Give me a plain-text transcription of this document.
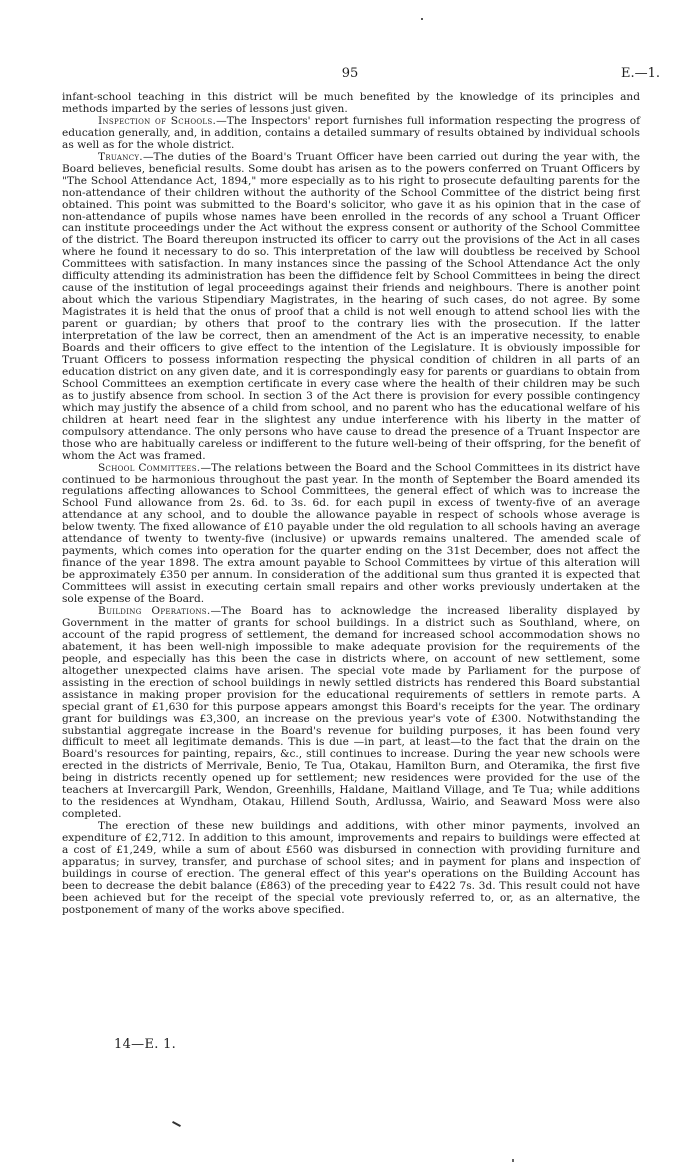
95	E.—1.

infant-school teaching in this district will be much benefited by the knowledge of its principles and methods imparted by the series of lessons just given.

Inspection of Schools.—The Inspectors' report furnishes full information respecting the progress of education generally, and, in addition, contains a detailed summary of results obtained by individual schools as well as for the whole district.

Truancy.—The duties of the Board's Truant Officer have been carried out during the year with, the Board believes, beneficial results. Some doubt has arisen as to the powers conferred on Truant Officers by "The School Attendance Act, 1894," more especially as to his right to prosecute defaulting parents for the non-attendance of their children without the authority of the School Committee of the district being first obtained. This point was submitted to the Board's solicitor, who gave it as his opinion that in the case of non-attendance of pupils whose names have been enrolled in the records of any school a Truant Officer can institute proceedings under the Act without the express consent or authority of the School Committee of the district. The Board thereupon instructed its officer to carry out the provisions of the Act in all cases where he found it necessary to do so. This interpretation of the law will doubtless be received by School Committees with satisfaction. In many instances since the passing of the School Attendance Act the only difficulty attending its administration has been the diffidence felt by School Committees in being the direct cause of the institution of legal proceedings against their friends and neighbours. There is another point about which the various Stipendiary Magistrates, in the hearing of such cases, do not agree. By some Magistrates it is held that the onus of proof that a child is not well enough to attend school lies with the parent or guardian; by others that proof to the contrary lies with the prosecution. If the latter interpretation of the law be correct, then an amendment of the Act is an imperative necessity, to enable Boards and their officers to give effect to the intention of the Legislature. It is obviously impossible for Truant Officers to possess information respecting the physical condition of children in all parts of an education district on any given date, and it is correspondingly easy for parents or guardians to obtain from School Committees an exemption certificate in every case where the health of their children may be such as to justify absence from school. In section 3 of the Act there is provision for every possible contingency which may justify the absence of a child from school, and no parent who has the educational welfare of his children at heart need fear in the slightest any undue interference with his liberty in the matter of compulsory attendance. The only persons who have cause to dread the presence of a Truant Inspector are those who are habitually careless or indifferent to the future well-being of their offspring, for the benefit of whom the Act was framed.

School Committees.—The relations between the Board and the School Committees in its district have continued to be harmonious throughout the past year. In the month of September the Board amended its regulations affecting allowances to School Committees, the general effect of which was to increase the School Fund allowance from 2s. 6d. to 3s. 6d. for each pupil in excess of twenty-five of an average attendance at any school, and to double the allowance payable in respect of schools whose average is below twenty. The fixed allowance of £10 payable under the old regulation to all schools having an average attendance of twenty to twenty-five (inclusive) or upwards remains unaltered. The amended scale of payments, which comes into operation for the quarter ending on the 31st December, does not affect the finance of the year 1898. The extra amount payable to School Committees by virtue of this alteration will be approximately £350 per annum. In consideration of the additional sum thus granted it is expected that Committees will assist in executing certain small repairs and other works previously undertaken at the sole expense of the Board.

Building Operations.—The Board has to acknowledge the increased liberality displayed by Government in the matter of grants for school buildings. In a district such as Southland, where, on account of the rapid progress of settlement, the demand for increased school accommodation shows no abatement, it has been well-nigh impossible to make adequate provision for the requirements of the people, and especially has this been the case in districts where, on account of new settlement, some altogether unexpected claims have arisen. The special vote made by Parliament for the purpose of assisting in the erection of school buildings in newly settled districts has rendered this Board substantial assistance in making proper provision for the educational requirements of settlers in remote parts. A special grant of £1,630 for this purpose appears amongst this Board's receipts for the year. The ordinary grant for buildings was £3,300, an increase on the previous year's vote of £300. Notwithstanding the substantial aggregate increase in the Board's revenue for building purposes, it has been found very difficult to meet all legitimate demands. This is due —in part, at least—to the fact that the drain on the Board's resources for painting, repairs, &c., still continues to increase. During the year new schools were erected in the districts of Merrivale, Benio, Te Tua, Otakau, Hamilton Burn, and Oteramika, the first five being in districts recently opened up for settlement; new residences were provided for the use of the teachers at Invercargill Park, Wendon, Greenhills, Haldane, Maitland Village, and Te Tua; while additions to the residences at Wyndham, Otakau, Hillend South, Ardlussa, Wairio, and Seaward Moss were also completed.

The erection of these new buildings and additions, with other minor payments, involved an expenditure of £2,712. In addition to this amount, improvements and repairs to buildings were effected at a cost of £1,249, while a sum of about £560 was disbursed in connection with providing furniture and apparatus; in survey, transfer, and purchase of school sites; and in payment for plans and inspection of buildings in course of erection. The general effect of this year's operations on the Building Account has been to decrease the debit balance (£863) of the preceding year to £422 7s. 3d. This result could not have been achieved but for the receipt of the special vote previously referred to, or, as an alternative, the postponement of many of the works above specified.

14—E. 1.
